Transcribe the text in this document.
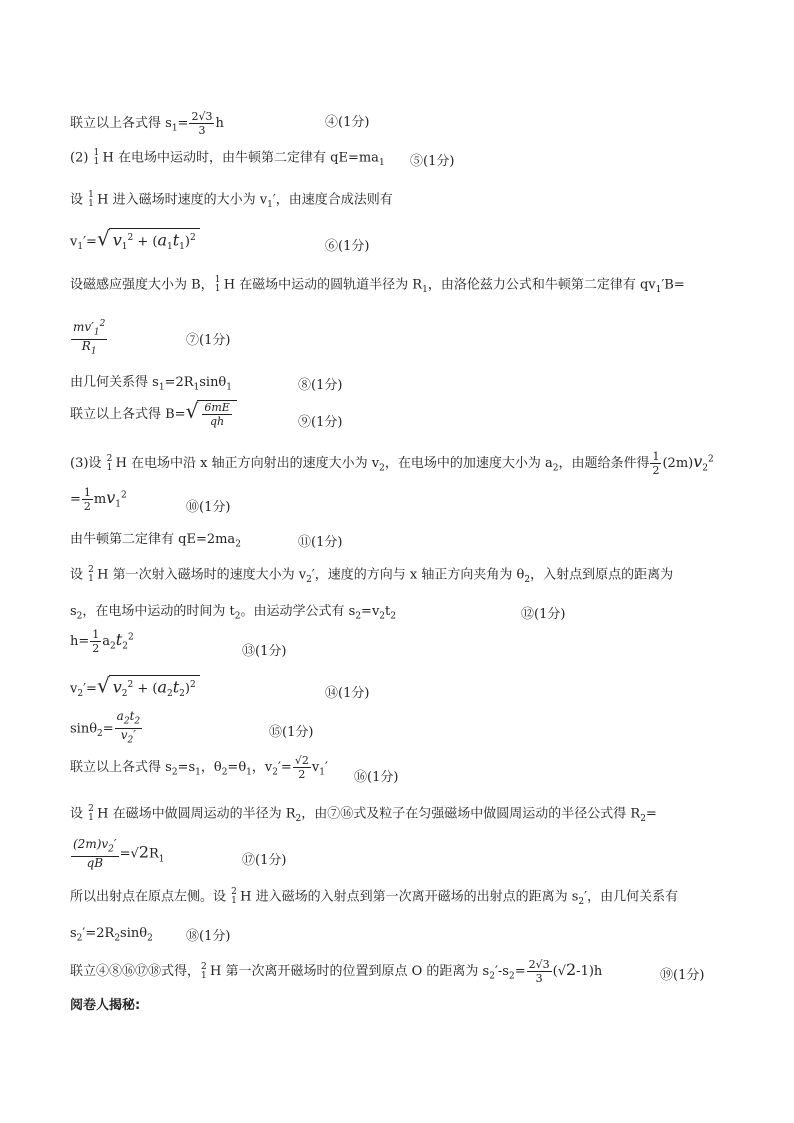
联立以上各式得 $s_1= \frac{2√3}{3}$ h	④(1分)
(2) 1
1 H 在电场中运动时，由牛顿第二定律有 $qE=ma_1$ ⑤(1分)
设 1
1 H 进入磁场时速度的大小为 $v_1'$，由速度合成法则有
$v_1'=√$ $v_1^2 + (a_1t_1)^2$
⑥(1分)
设磁感应强度大小为 B， 1
1 H 在磁场中运动的圆轨道半径为 $R_1$，由洛伦兹力公式和牛顿第二定律有 $qv_1'B=$
$\frac{mv'_1^2}{R_1}$	⑦(1分)
由几何关系得 $s_1=2R_1\sin\theta_1$	⑧(1分)
联立以上各式得 $B=√ \frac{6mE}{qh}$	⑨(1分)
(3)设 2
1 H 在电场中沿 x 轴正方向射出的速度大小为 $v_2$，在电场中的加速度大小为 $a_2$，由题给条件得 $\frac{1}{2} (2m)v_2^2$
= $\frac{1}{2} mv_1^2$
⑩(1分)
由牛顿第二定律有 $qE=2ma_2$	⑪(1分)
设 2
1 H 第一次射入磁场时的速度大小为 $v_2'$，速度的方向与 x 轴正方向夹角为 $\theta_2$，入射点到原点的距离为
$s_2$，在电场中运动的时间为 $t_2$。由运动学公式有 $s_2=v_2t_2$	⑫(1分)
$h= \frac{1}{2} a_2t_2^2$
⑬(1分)
$v_2'=√$ $v_2^2 + (a_2t_2)^2$
⑭(1分)
$\sin\theta_2= \frac{a_2t_2}{v_2'}$	⑮(1分)
联立以上各式得 $s_2=s_1$，$\theta_2=\theta_1$，$v_2'= \frac{√2}{2} v_1'$
⑯(1分)
设 2
1 H 在磁场中做圆周运动的半径为 $R_2$，由⑦⑯式及粒子在匀强磁场中做圆周运动的半径公式得 $R_2=$
$\frac{(2m)v_2'}{qB} =√2R_1$	⑰(1分)
所以出射点在原点左侧。设 2
1 H 进入磁场的入射点到第一次离开磁场的出射点的距离为 $s_2'$，由几何关系有
$s_2'=2R_2\sin\theta_2$	⑱(1分)
联立④⑧⑯⑰⑱式得， 2
1 H 第一次离开磁场时的位置到原点 O 的距离为 $s_2'-s_2= \frac{2√3}{3} (√2-1)h$	⑲(1分)
阅卷人揭秘:
